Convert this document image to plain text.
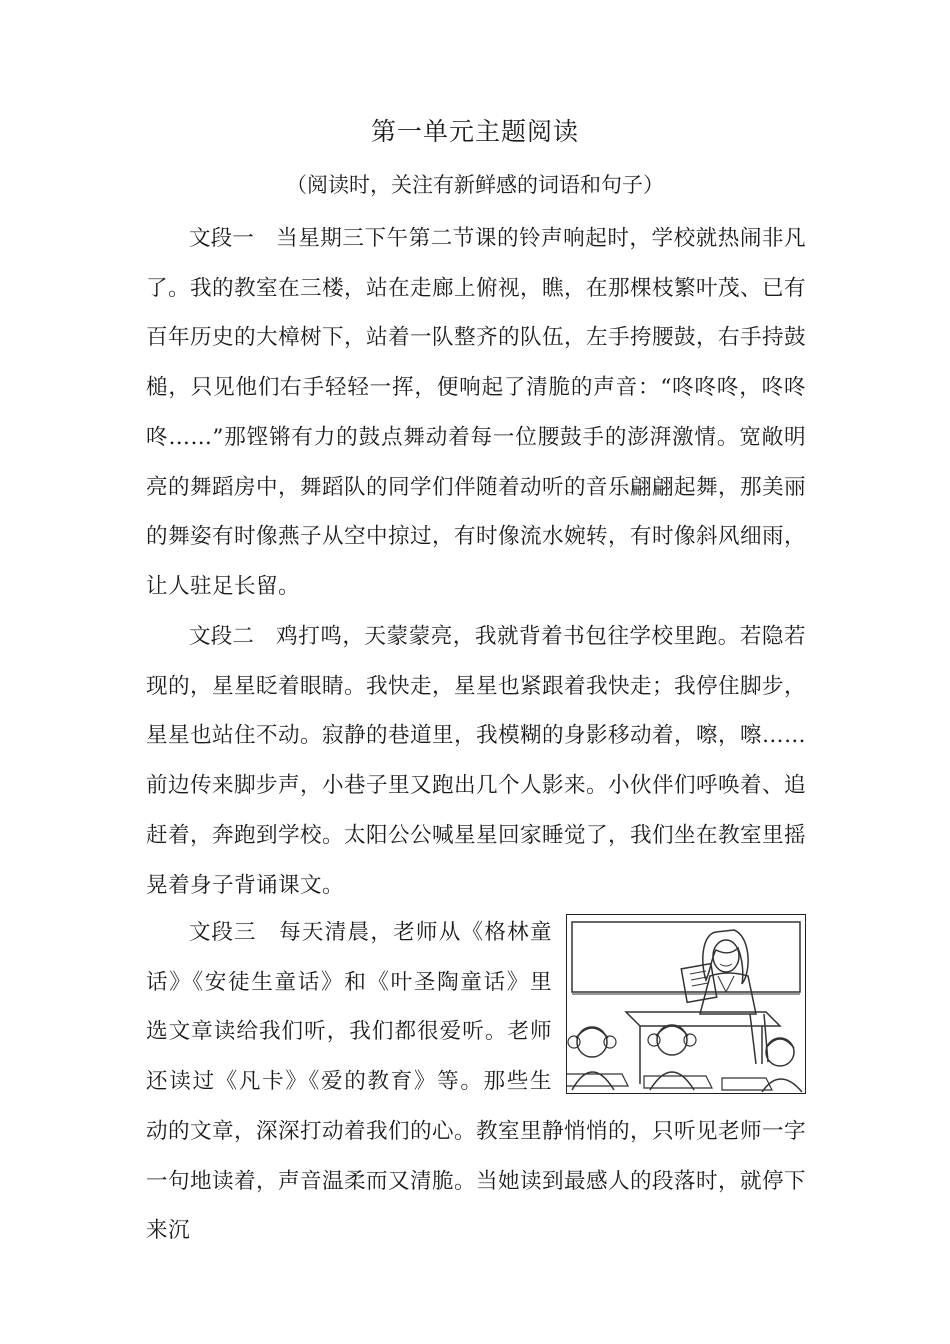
第一单元主题阅读
（阅读时，关注有新鲜感的词语和句子）

文段一  当星期三下午第二节课的铃声响起时，学校就热闹非凡了。我的教室在三楼，站在走廊上俯视，瞧，在那棵枝繁叶茂、已有百年历史的大樟树下，站着一队整齐的队伍，左手挎腰鼓，右手持鼓槌，只见他们右手轻轻一挥，便响起了清脆的声音：“咚咚咚，咚咚咚……”那铿锵有力的鼓点舞动着每一位腰鼓手的澎湃激情。宽敞明亮的舞蹈房中，舞蹈队的同学们伴随着动听的音乐翩翩起舞，那美丽的舞姿有时像燕子从空中掠过，有时像流水婉转，有时像斜风细雨，让人驻足长留。

文段二  鸡打鸣，天蒙蒙亮，我就背着书包往学校里跑。若隐若现的，星星眨着眼睛。我快走，星星也紧跟着我快走；我停住脚步，星星也站住不动。寂静的巷道里，我模糊的身影移动着，嚓，嚓……前边传来脚步声，小巷子里又跑出几个人影来。小伙伴们呼唤着、追赶着，奔跑到学校。太阳公公喊星星回家睡觉了，我们坐在教室里摇晃着身子背诵课文。

文段三  每天清晨，老师从《格林童话》《安徒生童话》和《叶圣陶童话》里选文章读给我们听，我们都很爱听。老师还读过《凡卡》《爱的教育》等。那些生动的文章，深深打动着我们的心。教室里静悄悄的，只听见老师一字一句地读着，声音温柔而又清脆。当她读到最感人的段落时，就停下来沉
